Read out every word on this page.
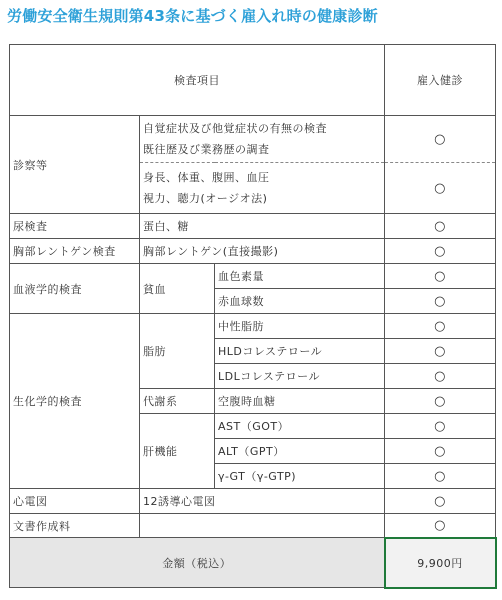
労働安全衛生規則第43条に基づく雇入れ時の健康診断
検査項目			雇入健診
診察等	自覚症状及び他覚症状の有無の検査
既往歴及び業務歴の調査		○

	身長、体重、腹囲、血圧
視力、聴力(オージオ法)		○
尿検査	蛋白、糖		○
胸部レントゲン検査	胸部レントゲン(直接撮影)		○
血液学的検査	貧血	血色素量	○
		赤血球数	○
生化学的検査	脂肪	中性脂肪	○
		HLDコレステロール	○
		LDLコレステロール	○
	代謝系	空腹時血糖	○
	肝機能	AST（GOT）	○
		ALT（GPT）	○
		γ-GT（γ-GTP)	○
心電図	12誘導心電図		○
文書作成料			○
金額（税込）			9,900円
